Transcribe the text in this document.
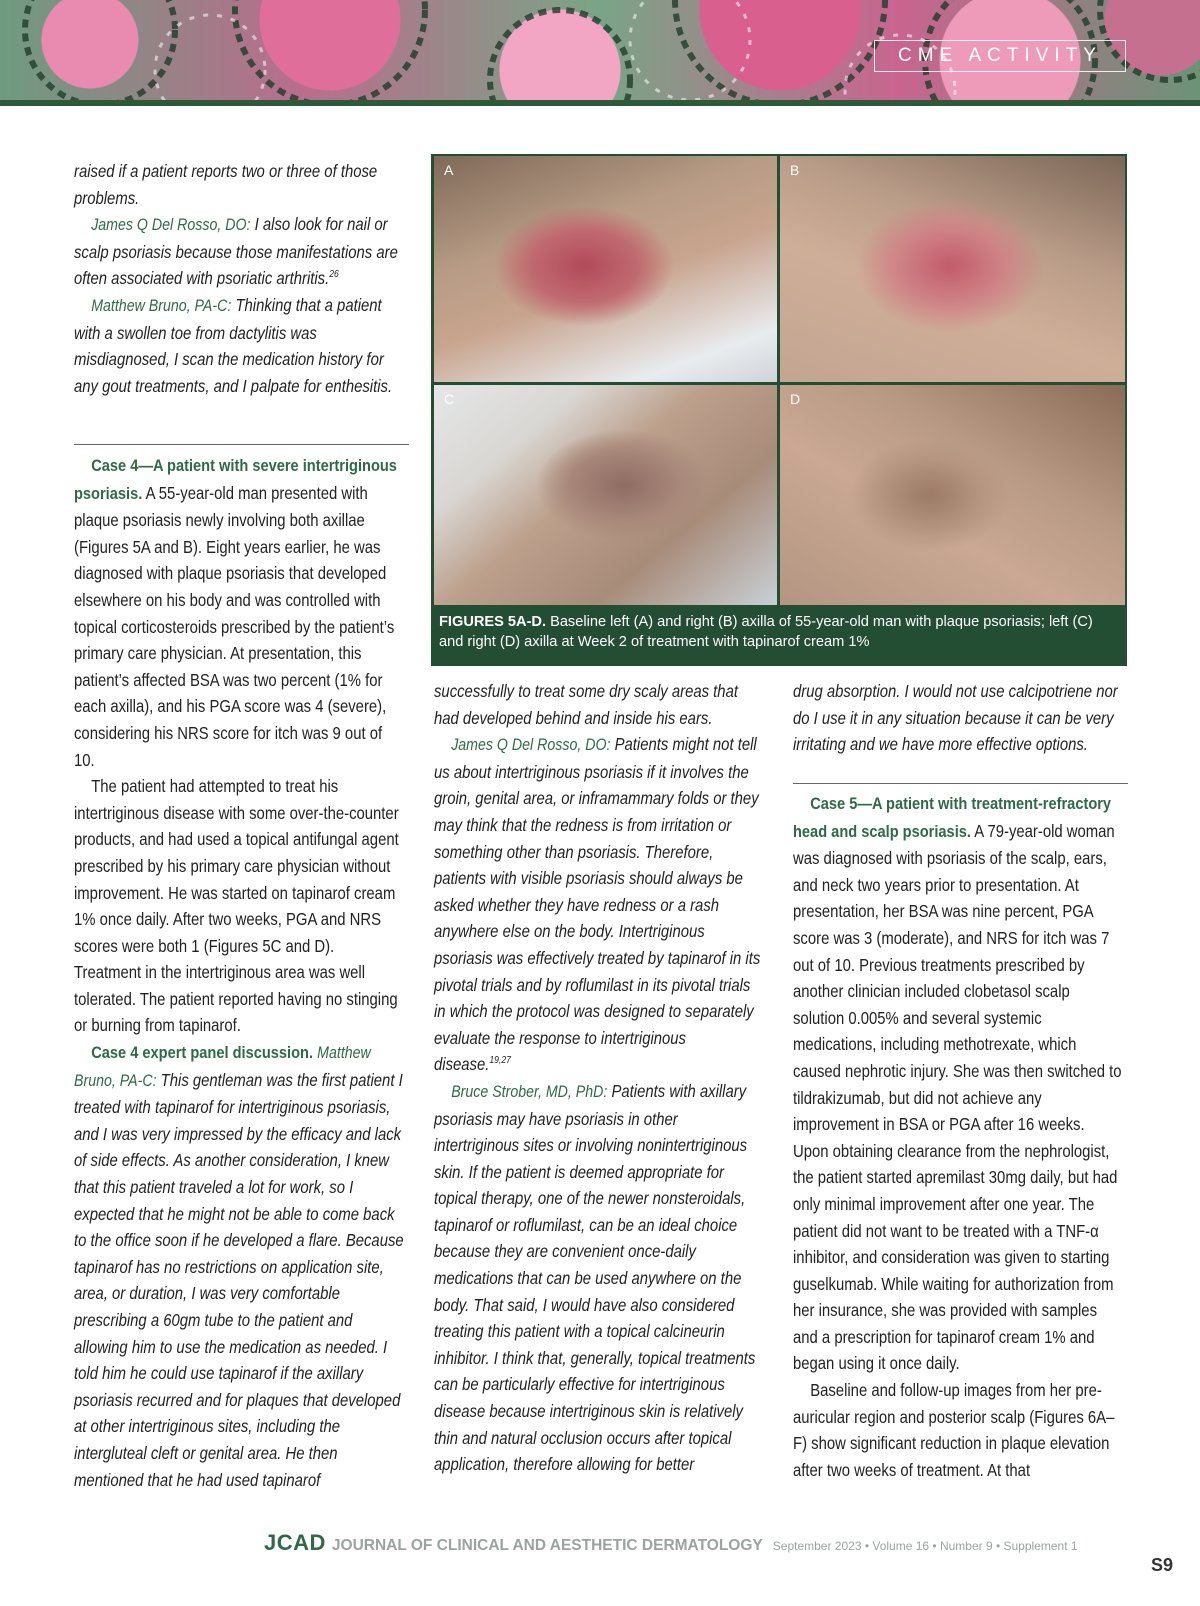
CME ACTIVITY

raised if a patient reports two or three of those problems.

James Q Del Rosso, DO: I also look for nail or scalp psoriasis because those manifestations are often associated with psoriatic arthritis.$^{26}$

Matthew Bruno, PA-C: Thinking that a patient with a swollen toe from dactylitis was misdiagnosed, I scan the medication history for any gout treatments, and I palpate for enthesitis.

Case 4—A patient with severe intertriginous psoriasis. A 55-year-old man presented with plaque psoriasis newly involving both axillae (Figures 5A and B). Eight years earlier, he was diagnosed with plaque psoriasis that developed elsewhere on his body and was controlled with topical corticosteroids prescribed by the patient’s primary care physician. At presentation, this patient’s affected BSA was two percent (1% for each axilla), and his PGA score was 4 (severe), considering his NRS score for itch was 9 out of 10.

The patient had attempted to treat his intertriginous disease with some over-the-counter products, and had used a topical antifungal agent prescribed by his primary care physician without improvement. He was started on tapinarof cream 1% once daily. After two weeks, PGA and NRS scores were both 1 (Figures 5C and D). Treatment in the intertriginous area was well tolerated. The patient reported having no stinging or burning from tapinarof.

Case 4 expert panel discussion. Matthew Bruno, PA-C: This gentleman was the first patient I treated with tapinarof for intertriginous psoriasis, and I was very impressed by the efficacy and lack of side effects. As another consideration, I knew that this patient traveled a lot for work, so I expected that he might not be able to come back to the office soon if he developed a flare. Because tapinarof has no restrictions on application site, area, or duration, I was very comfortable prescribing a 60gm tube to the patient and allowing him to use the medication as needed. I told him he could use tapinarof if the axillary psoriasis recurred and for plaques that developed at other intertriginous sites, including the intergluteal cleft or genital area. He then mentioned that he had used tapinarof

A	B
C	D
FIGURES 5A-D. Baseline left (A) and right (B) axilla of 55-year-old man with plaque psoriasis; left (C) and right (D) axilla at Week 2 of treatment with tapinarof cream 1%

successfully to treat some dry scaly areas that had developed behind and inside his ears.

James Q Del Rosso, DO: Patients might not tell us about intertriginous psoriasis if it involves the groin, genital area, or inframammary folds or they may think that the redness is from irritation or something other than psoriasis. Therefore, patients with visible psoriasis should always be asked whether they have redness or a rash anywhere else on the body. Intertriginous psoriasis was effectively treated by tapinarof in its pivotal trials and by roflumilast in its pivotal trials in which the protocol was designed to separately evaluate the response to intertriginous disease.$^{19,27}$

Bruce Strober, MD, PhD: Patients with axillary psoriasis may have psoriasis in other intertriginous sites or involving nonintertriginous skin. If the patient is deemed appropriate for topical therapy, one of the newer nonsteroidals, tapinarof or roflumilast, can be an ideal choice because they are convenient once-daily medications that can be used anywhere on the body. That said, I would have also considered treating this patient with a topical calcineurin inhibitor. I think that, generally, topical treatments can be particularly effective for intertriginous disease because intertriginous skin is relatively thin and natural occlusion occurs after topical application, therefore allowing for better

drug absorption. I would not use calcipotriene nor do I use it in any situation because it can be very irritating and we have more effective options.

Case 5—A patient with treatment-refractory head and scalp psoriasis. A 79-year-old woman was diagnosed with psoriasis of the scalp, ears, and neck two years prior to presentation. At presentation, her BSA was nine percent, PGA score was 3 (moderate), and NRS for itch was 7 out of 10. Previous treatments prescribed by another clinician included clobetasol scalp solution 0.005% and several systemic medications, including methotrexate, which caused nephrotic injury. She was then switched to tildrakizumab, but did not achieve any improvement in BSA or PGA after 16 weeks. Upon obtaining clearance from the nephrologist, the patient started apremilast 30mg daily, but had only minimal improvement after one year. The patient did not want to be treated with a TNF-α inhibitor, and consideration was given to starting guselkumab. While waiting for authorization from her insurance, she was provided with samples and a prescription for tapinarof cream 1% and began using it once daily.

Baseline and follow-up images from her pre-auricular region and posterior scalp (Figures 6A–F) show significant reduction in plaque elevation after two weeks of treatment. At that

JCAD JOURNAL OF CLINICAL AND AESTHETIC DERMATOLOGY September 2023 • Volume 16 • Number 9 • Supplement 1
S9
